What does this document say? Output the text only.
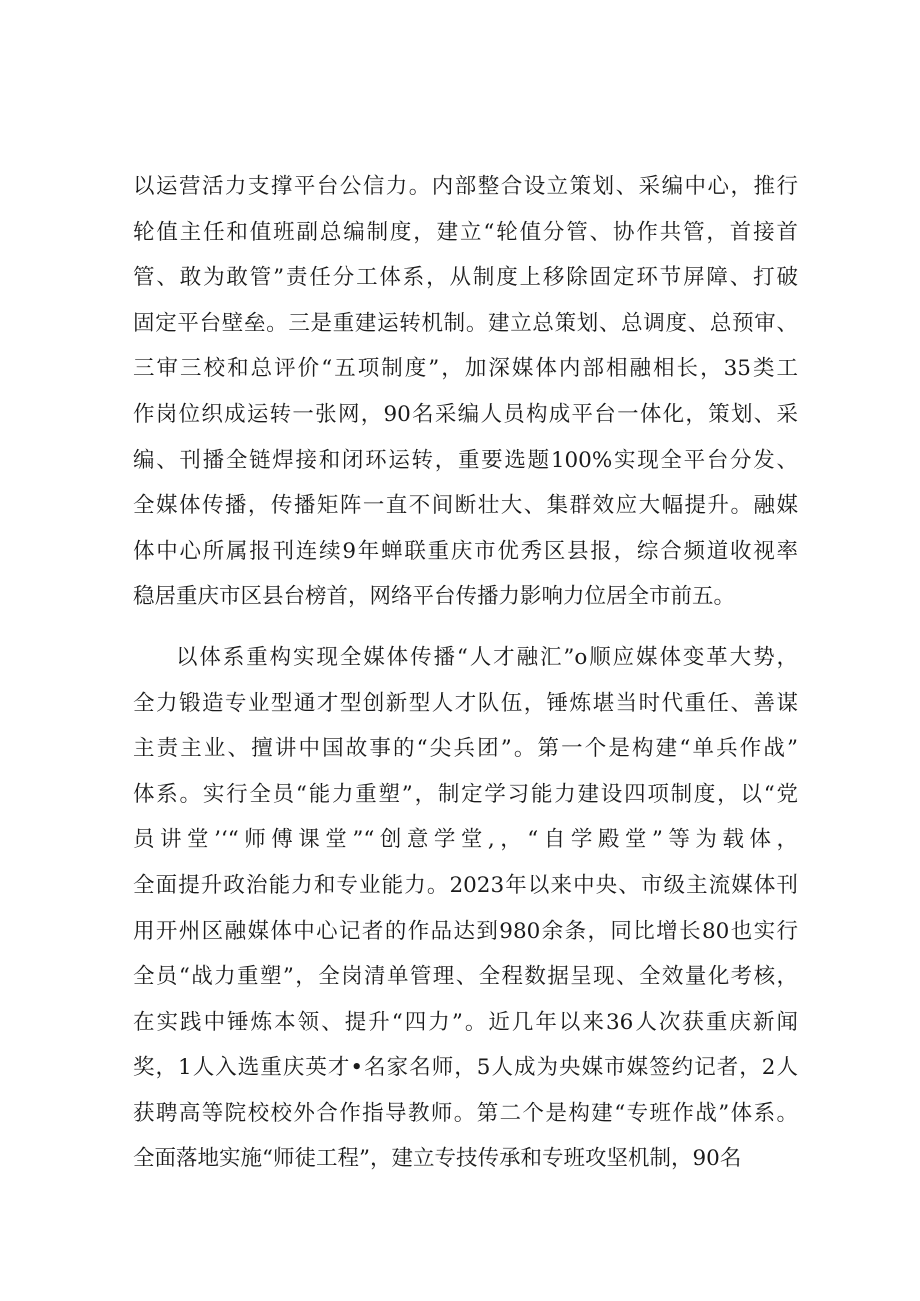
以运营活力支撑平台公信力。内部整合设立策划、采编中心，推行
轮值主任和值班副总编制度，建立“轮值分管、协作共管，首接首
管、敢为敢管”责任分工体系，从制度上移除固定环节屏障、打破
固定平台壁垒。三是重建运转机制。建立总策划、总调度、总预审、
三审三校和总评价“五项制度”，加深媒体内部相融相长，35类工
作岗位织成运转一张网，90名采编人员构成平台一体化，策划、采
编、刊播全链焊接和闭环运转，重要选题100%实现全平台分发、
全媒体传播，传播矩阵一直不间断壮大、集群效应大幅提升。融媒
体中心所属报刊连续9年蝉联重庆市优秀区县报，综合频道收视率
稳居重庆市区县台榜首，网络平台传播力影响力位居全市前五。
以体系重构实现全媒体传播“人才融汇”o顺应媒体变革大势，
全力锻造专业型通才型创新型人才队伍，锤炼堪当时代重任、善谋
主责主业、擅讲中国故事的“尖兵团”。第一个是构建“单兵作战”
体系。实行全员“能力重塑”，制定学习能力建设四项制度，以“党
员讲堂’‘“师傅课堂”“创意学堂,，“自学殿堂”等为载体，
全面提升政治能力和专业能力。2023年以来中央、市级主流媒体刊
用开州区融媒体中心记者的作品达到980余条，同比增长80也实行
全员“战力重塑”，全岗清单管理、全程数据呈现、全效量化考核，
在实践中锤炼本领、提升“四力”。近几年以来36人次获重庆新闻
奖，1人入选重庆英才•名家名师，5人成为央媒市媒签约记者，2人
获聘高等院校校外合作指导教师。第二个是构建“专班作战”体系。
全面落地实施“师徒工程”，建立专技传承和专班攻坚机制，90名
